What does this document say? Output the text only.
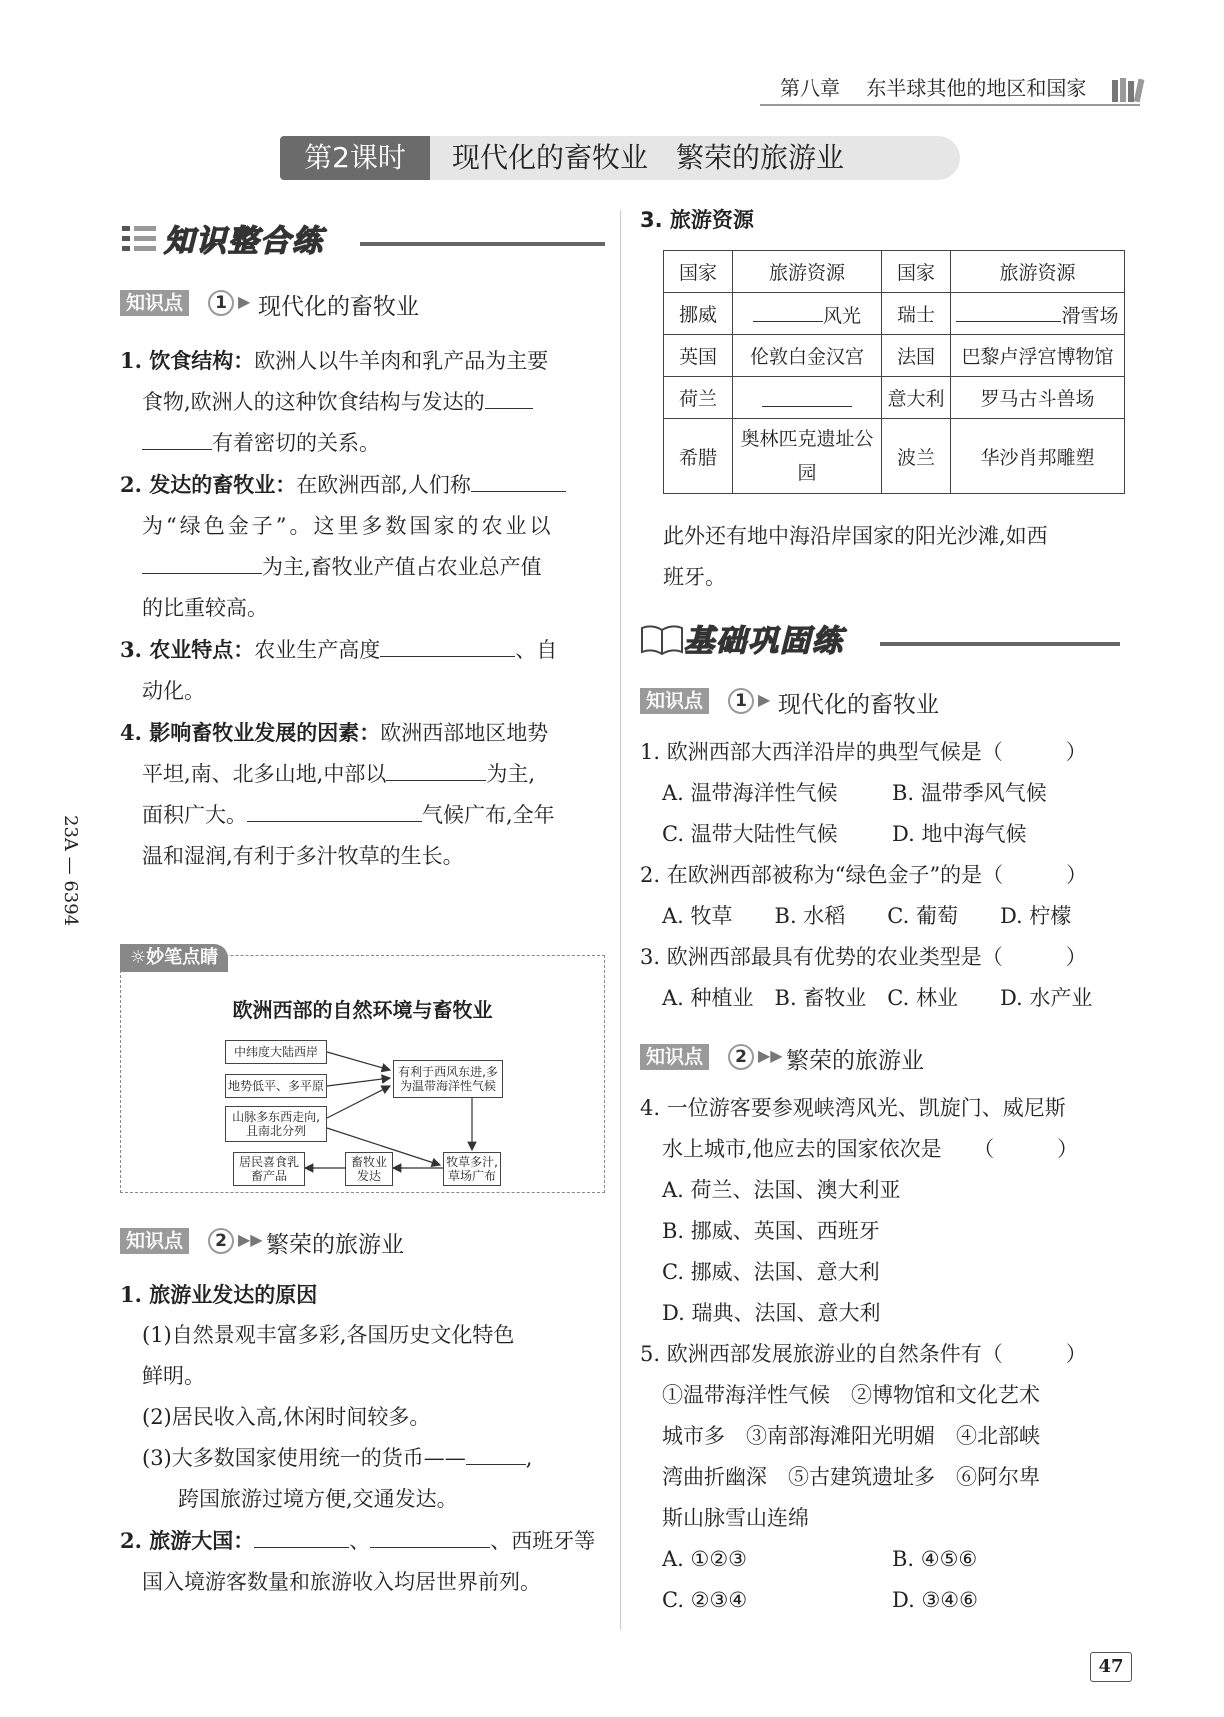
第八章　 东半球其他的地区和国家
第2课时	现代化的畜牧业　繁荣的旅游业
23A — 6394
知识整合练
知识点	1 ▶ 现代化的畜牧业
1. 饮食结构：欧洲人以牛羊肉和乳产品为主要
食物,欧洲人的这种饮食结构与发达的
有着密切的关系。
2. 发达的畜牧业：在欧洲西部,人们称
为“绿色金子”。这里多数国家的农业以
为主,畜牧业产值占农业总产值
的比重较高。
3. 农业特点：农业生产高度	、自
动化。
4. 影响畜牧业发展的因素：欧洲西部地区地势
平坦,南、北多山地,中部以	为主,
面积广大。	气候广布,全年
温和湿润,有利于多汁牧草的生长。
☼妙笔点睛
欧洲西部的自然环境与畜牧业
中纬度大陆西岸
地势低平、多平原
山脉多东西走向,且南北分列
有利于西风东进,多为温带海洋性气候
牧草多汁,草场广布
畜牧业发达
居民喜食乳畜产品
知识点	2 ▶▶ 繁荣的旅游业
1. 旅游业发达的原因
(1)自然景观丰富多彩,各国历史文化特色
鲜明。
(2)居民收入高,休闲时间较多。
(3)大多数国家使用统一的货币——	,
跨国旅游过境方便,交通发达。
2. 旅游大国：	、	、西班牙等
国入境游客数量和旅游收入均居世界前列。
3. 旅游资源
国家	旅游资源	国家	旅游资源
挪威	风光	瑞士	滑雪场
英国	伦敦白金汉宫	法国	巴黎卢浮宫博物馆
荷兰		意大利	罗马古斗兽场
希腊	奥林匹克遗址公园	波兰	华沙肖邦雕塑
此外还有地中海沿岸国家的阳光沙滩,如西
班牙。
基础巩固练
知识点	1 ▶ 现代化的畜牧业
1. 欧洲西部大西洋沿岸的典型气候是（　　　）
A. 温带海洋性气候	B. 温带季风气候
C. 温带大陆性气候	D. 地中海气候
2. 在欧洲西部被称为“绿色金子”的是（　　　）
A. 牧草　　B. 水稻　　C. 葡萄　　D. 柠檬
3. 欧洲西部最具有优势的农业类型是（　　　）
A. 种植业　B. 畜牧业　C. 林业　　D. 水产业
知识点	2 ▶▶ 繁荣的旅游业
4. 一位游客要参观峡湾风光、凯旋门、威尼斯
水上城市,他应去的国家依次是　　（　　　）
A. 荷兰、法国、澳大利亚
B. 挪威、英国、西班牙
C. 挪威、法国、意大利
D. 瑞典、法国、意大利
5. 欧洲西部发展旅游业的自然条件有（　　　）
①温带海洋性气候　②博物馆和文化艺术
城市多　③南部海滩阳光明媚　④北部峡
湾曲折幽深　⑤古建筑遗址多　⑥阿尔卑
斯山脉雪山连绵
A. ①②③	B. ④⑤⑥
C. ②③④	D. ③④⑥
47
